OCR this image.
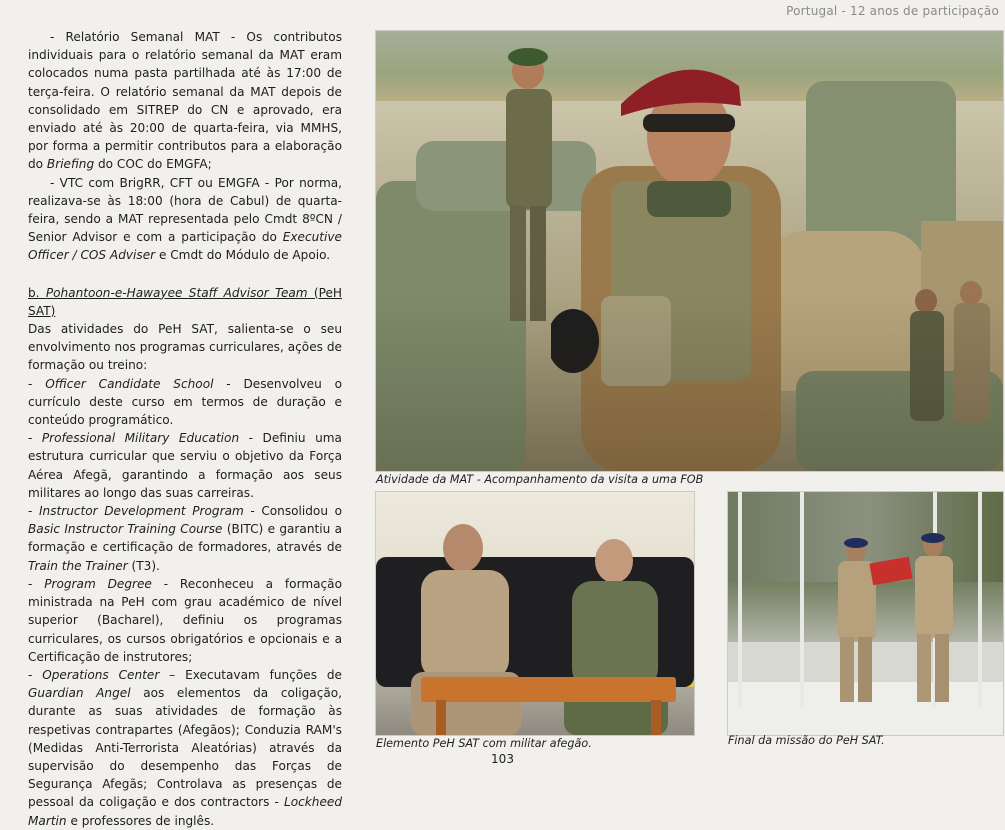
Portugal - 12 anos de participação

- Relatório Semanal MAT - Os contributos individuais para o relatório semanal da MAT eram colocados numa pasta partilhada até às 17:00 de terça-feira. O relatório semanal da MAT depois de consolidado em SITREP do CN e aprovado, era enviado até às 20:00 de quarta-feira, via MMHS, por forma a permitir contributos para a elaboração do Briefing do COC do EMGFA;

- VTC com BrigRR, CFT ou EMGFA - Por norma, realizava-se às 18:00 (hora de Cabul) de quarta-feira, sendo a MAT representada pelo Cmdt 8ºCN / Senior Advisor e com a participação do Executive Officer / COS Adviser e Cmdt do Módulo de Apoio.

b. Pohantoon-e-Hawayee Staff Advisor Team (PeH SAT)

Das atividades do PeH SAT, salienta-se o seu envolvimento nos programas curriculares, ações de formação ou treino:

- Officer Candidate School - Desenvolveu o currículo deste curso em termos de duração e conteúdo programático.

- Professional Military Education - Definiu uma estrutura curricular que serviu o objetivo da Força Aérea Afegã, garantindo a formação aos seus militares ao longo das suas carreiras.

- Instructor Development Program - Consolidou o Basic Instructor Training Course (BITC) e garantiu a formação e certificação de formadores, através de Train the Trainer (T3).

- Program Degree - Reconheceu a formação ministrada na PeH com grau académico de nível superior (Bacharel), definiu os programas curriculares, os cursos obrigatórios e opcionais e a Certificação de instrutores;

- Operations Center – Executavam funções de Guardian Angel aos elementos da coligação, durante as suas atividades de formação às respetivas contrapartes (Afegãos); Conduzia RAM's (Medidas Anti-Terrorista Aleatórias) através da supervisão do desempenho das Forças de Segurança Afegãs; Controlava as presenças de pessoal da coligação e dos contractors - Lockheed Martin e professores de inglês.

Atividade da MAT - Acompanhamento da visita a uma FOB
Elemento PeH SAT com militar afegão.	Final da missão do PeH SAT.
103
